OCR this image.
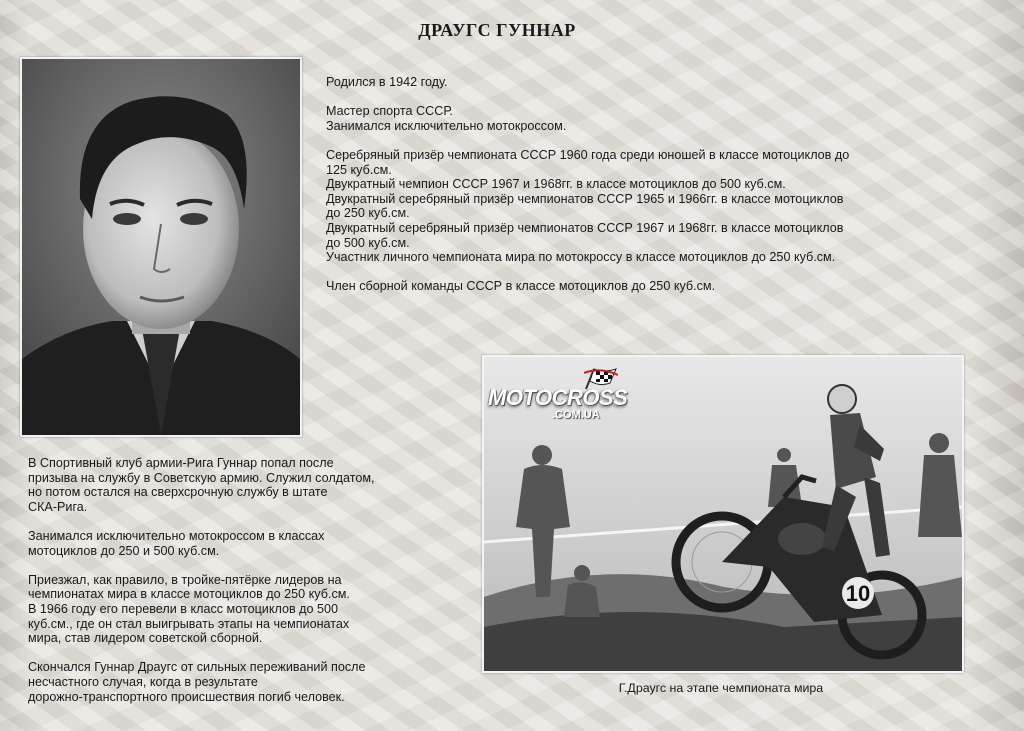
ДРАУГС ГУННАР

Родился в 1942 году.

Мастер спорта СССР.

Занимался исключительно мотокроссом.

Серебряный призёр чемпионата СССР 1960 года среди юношей в классе мотоциклов до

125 куб.см.

Двукратный чемпион СССР 1967 и 1968гг. в классе мотоциклов до 500 куб.см.

Двукратный серебряный призёр чемпионатов СССР 1965 и 1966гг. в классе мотоциклов

до 250 куб.см.

Двукратный серебряный призёр чемпионатов СССР 1967 и 1968гг. в классе мотоциклов

до 500 куб.см.

Участник личного чемпионата мира по мотокроссу в классе мотоциклов до 250 куб.см.

Член сборной команды СССР в классе мотоциклов до 250 куб.см.

В Спортивный клуб армии-Рига Гуннар попал после

призыва на службу в Советскую армию. Служил солдатом,

но потом остался на сверхсрочную службу в штате

СКА-Рига.

Занимался исключительно мотокроссом в классах

мотоциклов до 250 и 500 куб.см.

Приезжал, как правило, в тройке-пятёрке лидеров на

чемпионатах мира в классе мотоциклов до 250 куб.см.

В 1966 году его перевели в класс мотоциклов до 500

куб.см., где он стал выигрывать этапы на чемпионатах

мира, став лидером советской сборной.

Скончался Гуннар Драугс от сильных переживаний после

несчастного случая, когда в результате

дорожно-транспортного происшествия погиб человек.

10
MOTOCROSS
.COM.UA
Г.Драугс на этапе чемпионата мира
